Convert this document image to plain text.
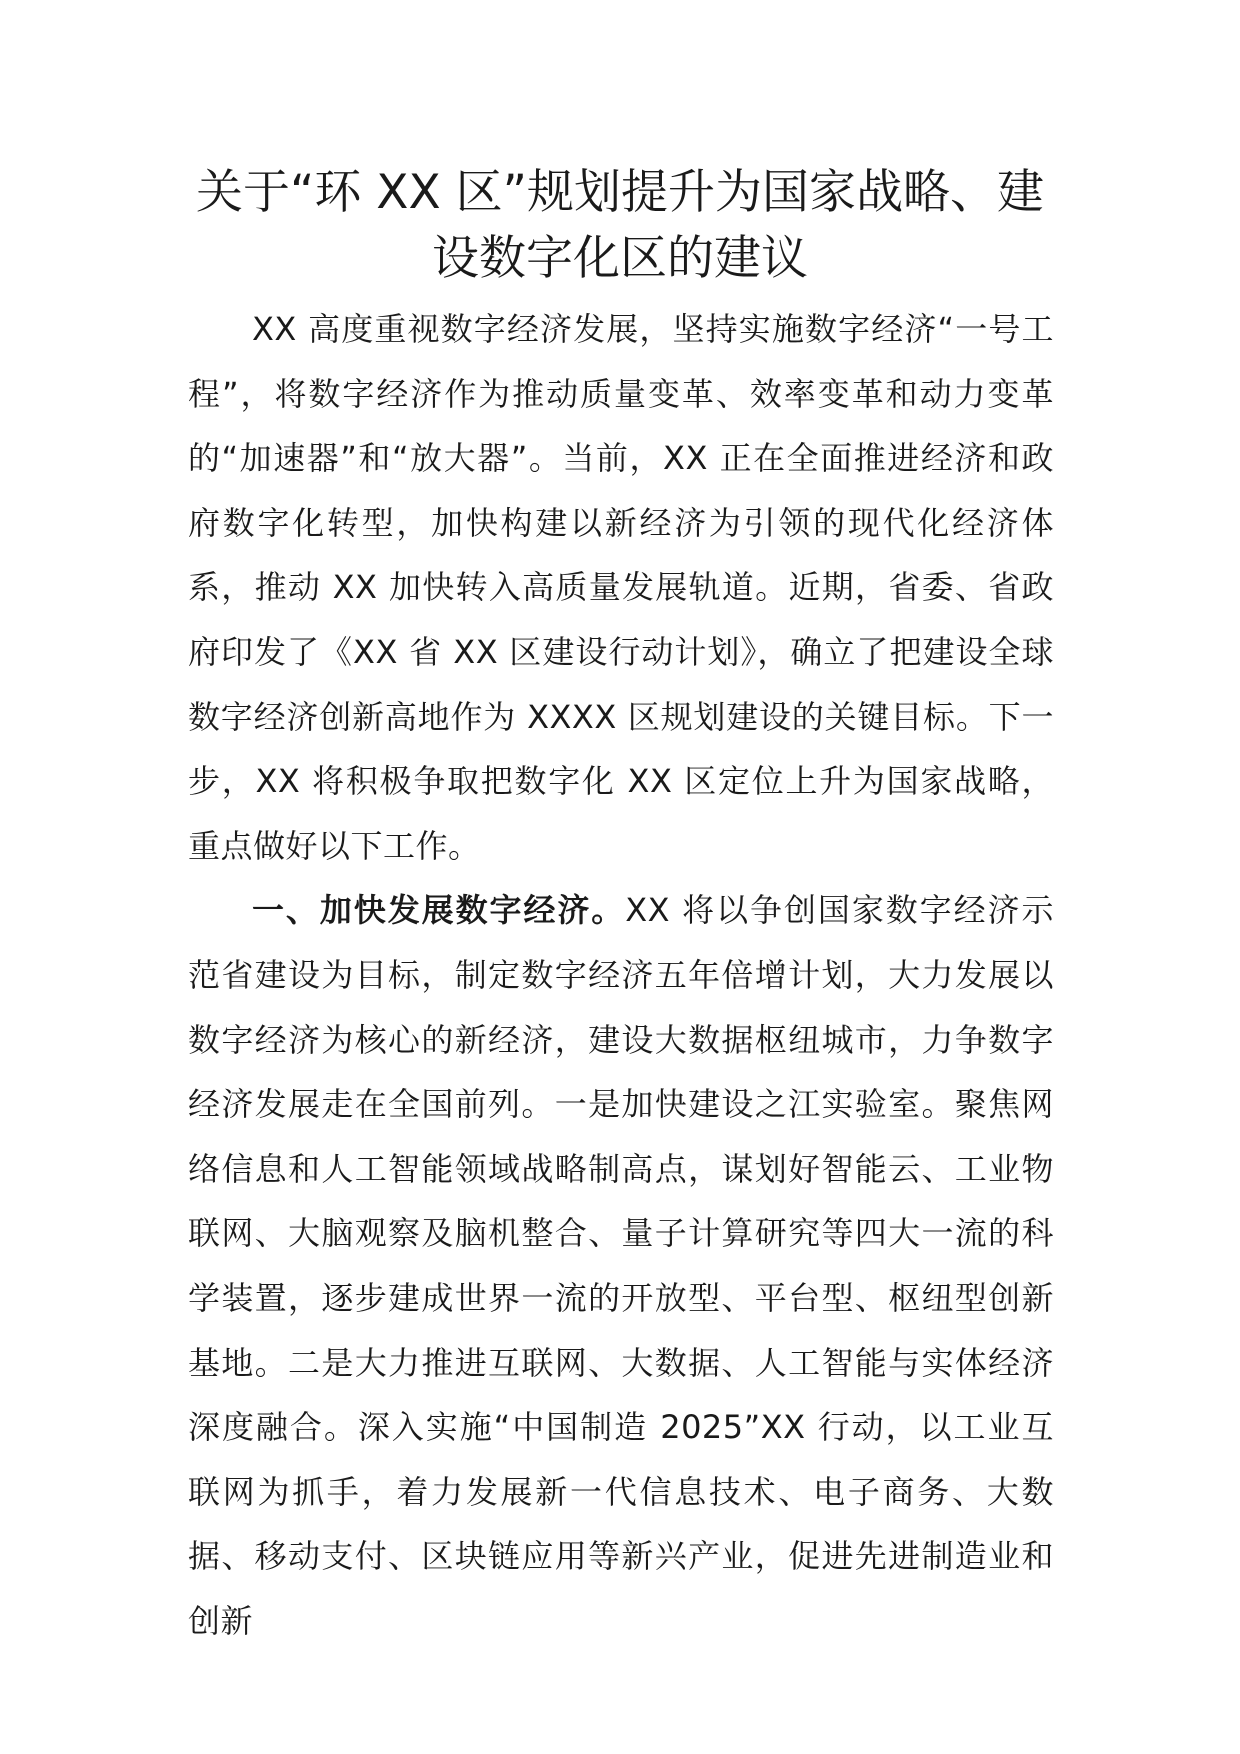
关于“环 XX 区”规划提升为国家战略、建
设数字化区的建议

XX 高度重视数字经济发展，坚持实施数字经济“一号工程”，将数字经济作为推动质量变革、效率变革和动力变革的“加速器”和“放大器”。当前，XX 正在全面推进经济和政府数字化转型，加快构建以新经济为引领的现代化经济体系，推动 XX 加快转入高质量发展轨道。近期，省委、省政府印发了《XX 省 XX 区建设行动计划》，确立了把建设全球数字经济创新高地作为 XXXX 区规划建设的关键目标。下一步，XX 将积极争取把数字化 XX 区定位上升为国家战略，重点做好以下工作。

一、加快发展数字经济。XX 将以争创国家数字经济示范省建设为目标，制定数字经济五年倍增计划，大力发展以数字经济为核心的新经济，建设大数据枢纽城市，力争数字经济发展走在全国前列。一是加快建设之江实验室。聚焦网络信息和人工智能领域战略制高点，谋划好智能云、工业物联网、大脑观察及脑机整合、量子计算研究等四大一流的科学装置，逐步建成世界一流的开放型、平台型、枢纽型创新基地。二是大力推进互联网、大数据、人工智能与实体经济深度融合。深入实施“中国制造 2025”XX 行动，以工业互联网为抓手，着力发展新一代信息技术、电子商务、大数据、移动支付、区块链应用等新兴产业，促进先进制造业和创新
